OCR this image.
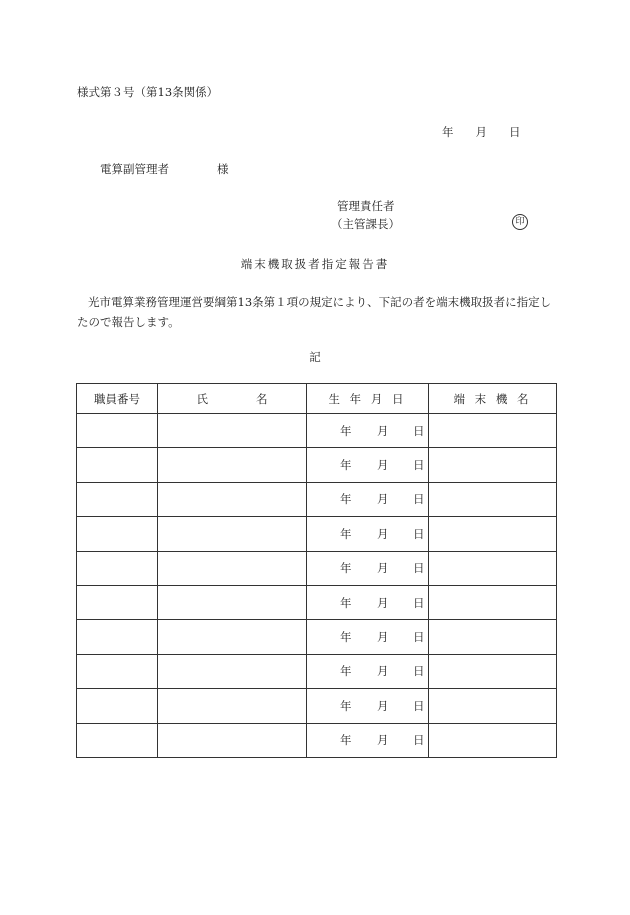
様式第３号（第13条関係）
年 月 日
電算副管理者	様
管理責任者
（主管課長）	印
端末機取扱者指定報告書
光市電算業務管理運営要綱第13条第１項の規定により、下記の者を端末機取扱者に指定したので報告します。
記
職員番号	氏 名	生 年 月 日	端 末 機 名

		年 月 日	

		年 月 日	

		年 月 日	

		年 月 日	

		年 月 日	

		年 月 日	

		年 月 日	

		年 月 日	

		年 月 日	

		年 月 日	
